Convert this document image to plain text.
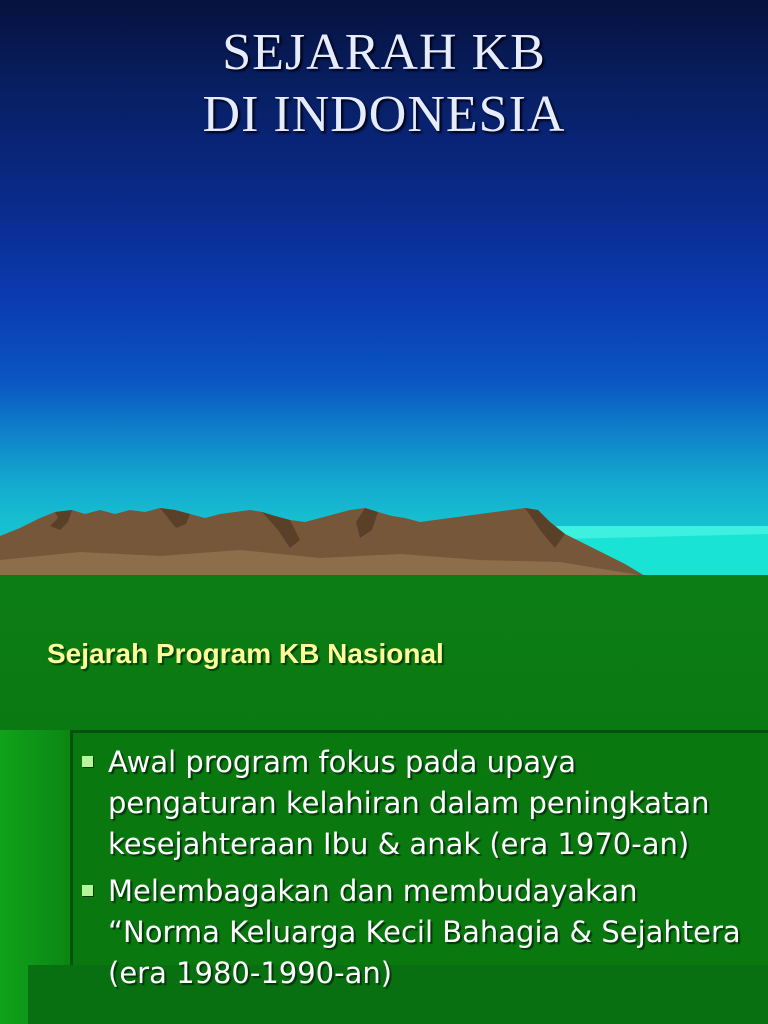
SEJARAH KB
DI INDONESIA
Sejarah Program KB Nasional
Awal program fokus pada upaya pengaturan kelahiran dalam peningkatan kesejahteraan Ibu & anak (era 1970-an)
Melembagakan dan membudayakan “Norma Keluarga Kecil Bahagia & Sejahtera (era 1980-1990-an)
